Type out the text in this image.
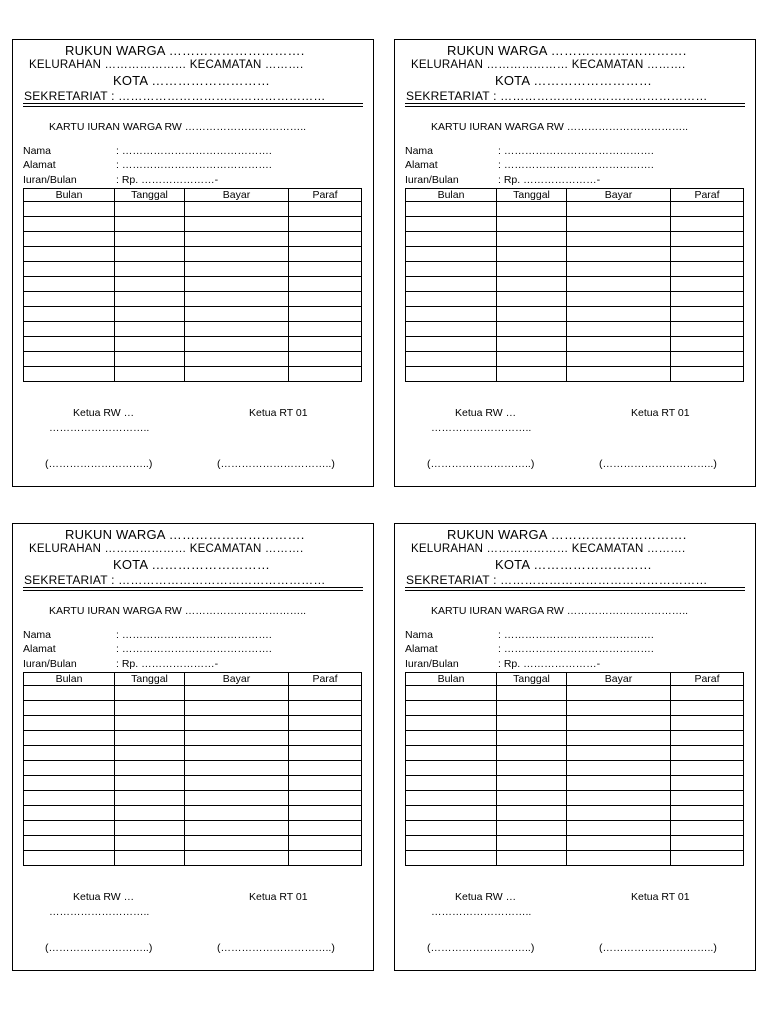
RUKUN WARGA ………………………….
KELURAHAN ………………… KECAMATAN ……….
KOTA ………………………
SEKRETARIAT : ……………………………………………
KARTU IURAN WARGA RW ……………………………..
Nama	: …………………………………….
Alamat	: …………………………………….
Iuran/Bulan	: Rp. …………………-
Bulan	Tanggal	Bayar	Paraf

Ketua RW …	Ketua RT 01
………………………..
(………………………..)	(…………………………..)
RUKUN WARGA ………………………….
KELURAHAN ………………… KECAMATAN ……….
KOTA ………………………
SEKRETARIAT : ……………………………………………
KARTU IURAN WARGA RW ……………………………..
Nama	: …………………………………….
Alamat	: …………………………………….
Iuran/Bulan	: Rp. …………………-
Bulan	Tanggal	Bayar	Paraf

Ketua RW …	Ketua RT 01
………………………..
(………………………..)	(…………………………..)
RUKUN WARGA ………………………….
KELURAHAN ………………… KECAMATAN ……….
KOTA ………………………
SEKRETARIAT : ……………………………………………
KARTU IURAN WARGA RW ……………………………..
Nama	: …………………………………….
Alamat	: …………………………………….
Iuran/Bulan	: Rp. …………………-
Bulan	Tanggal	Bayar	Paraf

Ketua RW …	Ketua RT 01
………………………..
(………………………..)	(…………………………..)
RUKUN WARGA ………………………….
KELURAHAN ………………… KECAMATAN ……….
KOTA ………………………
SEKRETARIAT : ……………………………………………
KARTU IURAN WARGA RW ……………………………..
Nama	: …………………………………….
Alamat	: …………………………………….
Iuran/Bulan	: Rp. …………………-
Bulan	Tanggal	Bayar	Paraf

Ketua RW …	Ketua RT 01
………………………..
(………………………..)	(…………………………..)
